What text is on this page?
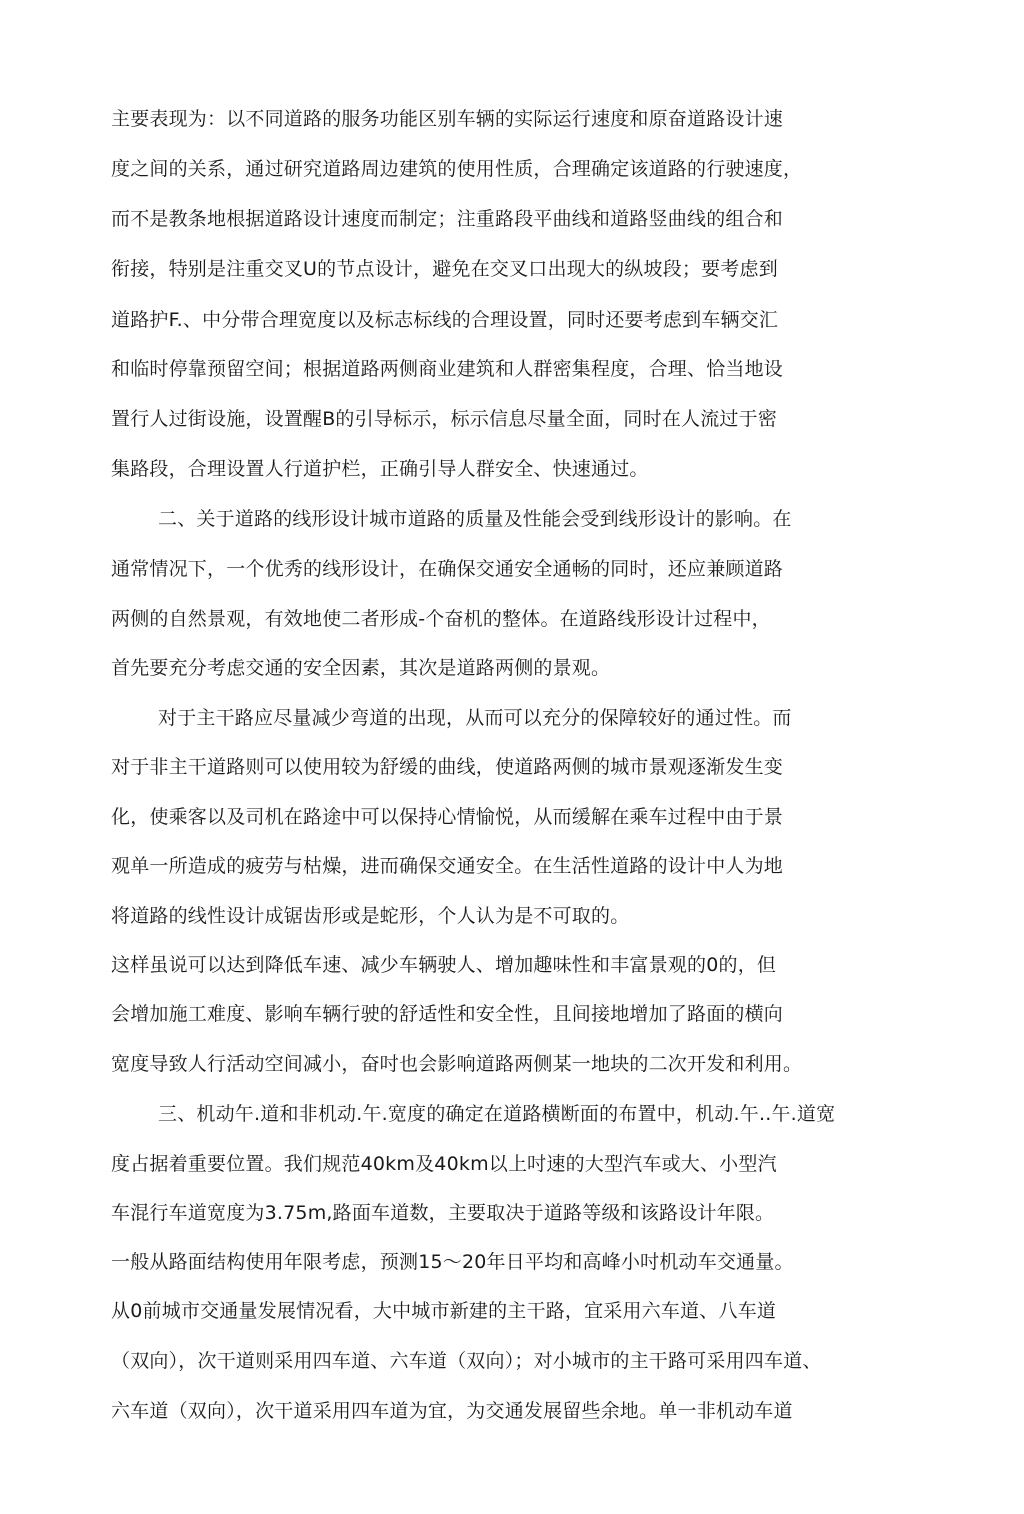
主要表现为：以不同道路的服务功能区别车辆的实际运行速度和原奋道路设计速
度之间的关系，通过研究道路周边建筑的使用性质，合理确定该道路的行驶速度，
而不是教条地根据道路设计速度而制定；注重路段平曲线和道路竖曲线的组合和
衔接，特别是注重交叉U的节点设计，避免在交叉口出现大的纵坡段；要考虑到
道路护F.、中分带合理宽度以及标志标线的合理设置，同时还要考虑到车辆交汇
和临时停靠预留空间；根据道路两侧商业建筑和人群密集程度，合理、恰当地设
置行人过街设施，设置醒B的引导标示，标示信息尽量全面，同时在人流过于密
集路段，合理设置人行道护栏，正确引导人群安全、快速通过。
二、关于道路的线形设计城市道路的质量及性能会受到线形设计的影响。在
通常情况下，一个优秀的线形设计，在确保交通安全通畅的同时，还应兼顾道路
两侧的自然景观，有效地使二者形成-个奋机的整体。在道路线形设计过程中，
首先要充分考虑交通的安全因素，其次是道路两侧的景观。
对于主干路应尽量减少弯道的出现，从而可以充分的保障较好的通过性。而
对于非主干道路则可以使用较为舒缓的曲线，使道路两侧的城市景观逐渐发生变
化，使乘客以及司机在路途中可以保持心情愉悦，从而缓解在乘车过程中由于景
观单一所造成的疲劳与枯燥，进而确保交通安全。在生活性道路的设计中人为地
将道路的线性设计成锯齿形或是蛇形，个人认为是不可取的。
这样虽说可以达到降低车速、减少车辆驶人、增加趣味性和丰富景观的0的，但
会增加施工难度、影响车辆行驶的舒适性和安全性，且间接地增加了路面的横向
宽度导致人行活动空间减小，奋吋也会影响道路两侧某一地块的二次开发和利用。
三、机动午.道和非机动.午.宽度的确定在道路横断面的布置中，机动.午..午.道宽
度占据着重要位置。我们规范40km及40km以上吋速的大型汽车或大、小型汽
车混行车道宽度为3.75m,路面车道数，主要取决于道路等级和该路设计年限。
一般从路面结构使用年限考虑，预测15～20年日平均和高峰小吋机动车交通量。
从0前城市交通量发展情况看，大中城市新建的主干路，宜采用六车道、八车道
（双向），次干道则采用四车道、六车道（双向）；对小城市的主干路可采用四车道、
六车道（双向），次干道采用四车道为宜，为交通发展留些余地。单一非机动车道
